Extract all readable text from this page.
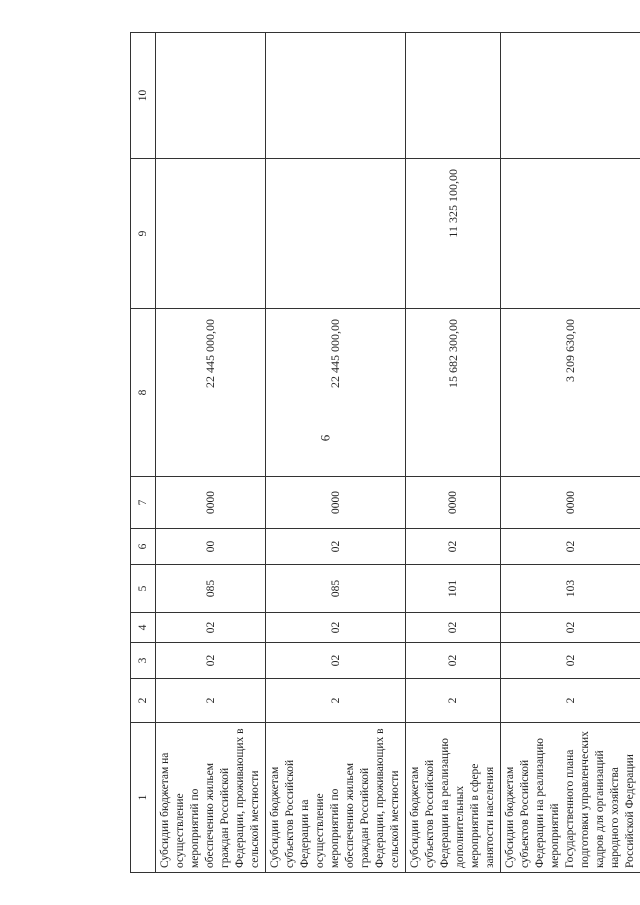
6
1	2	3	4	5	6	7	8	9	10
Субсидии бюджетам на осуществление мероприятий по обеспечению жильем граждан Российской Федерации, проживающих в сельской местности	2	02	02	085	00	0000	22 445 000,00		
Субсидии бюджетам субъектов Российской Федерации на осуществление мероприятий по обеспечению жильем граждан Российской Федерации, проживающих в сельской местности	2	02	02	085	02	0000	22 445 000,00		
Субсидии бюджетам субъектов Российской Федерации на реализацию дополнительных мероприятий в сфере занятости населения	2	02	02	101	02	0000	15 682 300,00	11 325 100,00	
Субсидии бюджетам субъектов Российской Федерации на реализацию мероприятий Государственного плана подготовки управленческих кадров для организаций народного хозяйства Российской Федерации	2	02	02	103	02	0000	3 209 630,00		
